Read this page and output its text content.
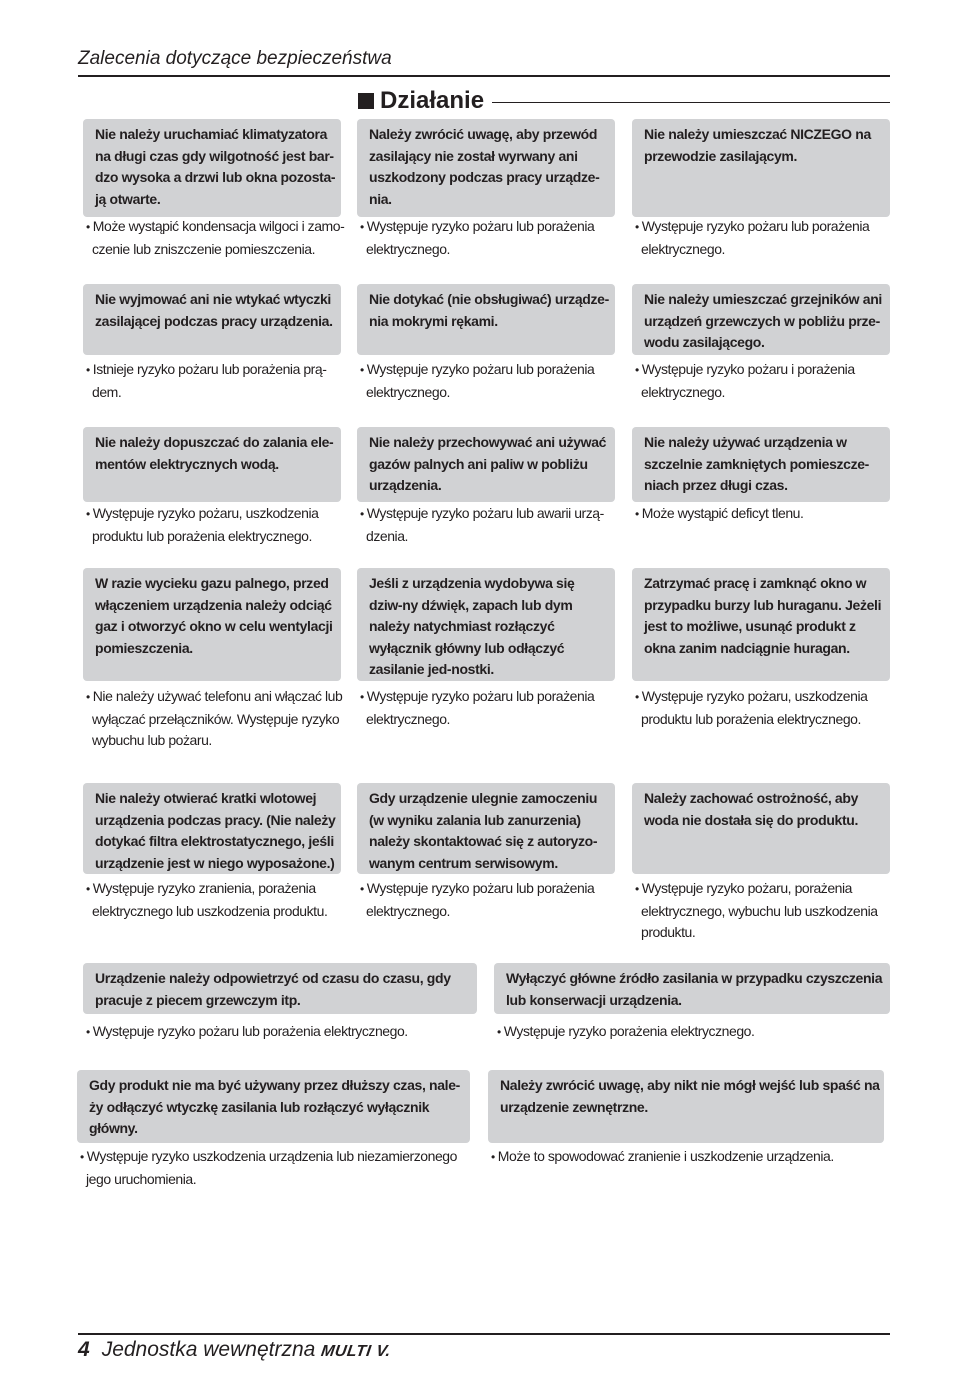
Zalecenia dotyczące bezpieczeństwa
Działanie
Nie należy uruchamiać klimatyzatora na długi czas gdy wilgotność jest bar-dzo wysoka a drzwi lub okna pozosta-ją otwarte.
• Może wystąpić kondensacja wilgoci i zamo-czenie lub zniszczenie pomieszczenia.
Należy zwrócić uwagę, aby przewód zasilający nie został wyrwany ani uszkodzony podczas pracy urządze-nia.
• Występuje ryzyko pożaru lub porażenia elektrycznego.
Nie należy umieszczać NICZEGO na przewodzie zasilającym.
• Występuje ryzyko pożaru lub porażenia elektrycznego.
Nie wyjmować ani nie wtykać wtyczki zasilającej podczas pracy urządzenia.
• Istnieje ryzyko pożaru lub porażenia prą-dem.
Nie dotykać (nie obsługiwać) urządze-nia mokrymi rękami.
• Występuje ryzyko pożaru lub porażenia elektrycznego.
Nie należy umieszczać grzejników ani urządzeń grzewczych w pobliżu prze-wodu zasilającego.
• Występuje ryzyko pożaru i porażenia elektrycznego.
Nie należy dopuszczać do zalania ele-mentów elektrycznych wodą.
• Występuje ryzyko pożaru, uszkodzenia produktu lub porażenia elektrycznego.
Nie należy przechowywać ani używać gazów palnych ani paliw w pobliżu urządzenia.
• Występuje ryzyko pożaru lub awarii urzą-dzenia.
Nie należy używać urządzenia w szczelnie zamkniętych pomieszcze-niach przez długi czas.
• Może wystąpić deficyt tlenu.
W razie wycieku gazu palnego, przed włączeniem urządzenia należy odciąć gaz i otworzyć okno w celu wentylacji pomieszczenia.
• Nie należy używać telefonu ani włączać lub wyłączać przełączników. Występuje ryzyko wybuchu lub pożaru.
Jeśli z urządzenia wydobywa się dziw-ny dźwięk, zapach lub dym należy natychmiast rozłączyć wyłącznik główny lub odłączyć zasilanie jed-nostki.
• Występuje ryzyko pożaru lub porażenia elektrycznego.
Zatrzymać pracę i zamknąć okno w przypadku burzy lub huraganu. Jeżeli jest to możliwe, usunąć produkt z okna zanim nadciągnie huragan.
• Występuje ryzyko pożaru, uszkodzenia produktu lub porażenia elektrycznego.
Nie należy otwierać kratki wlotowej urządzenia podczas pracy. (Nie należy dotykać filtra elektrostatycznego, jeśli urządzenie jest w niego wyposażone.)
• Występuje ryzyko zranienia, porażenia elektrycznego lub uszkodzenia produktu.
Gdy urządzenie ulegnie zamoczeniu (w wyniku zalania lub zanurzenia) należy skontaktować się z autoryzo-wanym centrum serwisowym.
• Występuje ryzyko pożaru lub porażenia elektrycznego.
Należy zachować ostrożność, aby woda nie dostała się do produktu.
• Występuje ryzyko pożaru, porażenia elektrycznego, wybuchu lub uszkodzenia produktu.
Urządzenie należy odpowietrzyć od czasu do czasu, gdy pracuje z piecem grzewczym itp.
• Występuje ryzyko pożaru lub porażenia elektrycznego.
Wyłączyć główne źródło zasilania w przypadku czyszczenia lub konserwacji urządzenia.
• Występuje ryzyko porażenia elektrycznego.
Gdy produkt nie ma być używany przez dłuższy czas, nale-ży odłączyć wtyczkę zasilania lub rozłączyć wyłącznik główny.
• Występuje ryzyko uszkodzenia urządzenia lub niezamierzonego jego uruchomienia.
Należy zwrócić uwagę, aby nikt nie mógł wejść lub spaść na urządzenie zewnętrzne.
• Może to spowodować zranienie i uszkodzenie urządzenia.
4 Jednostka wewnętrzna MULTI V.
